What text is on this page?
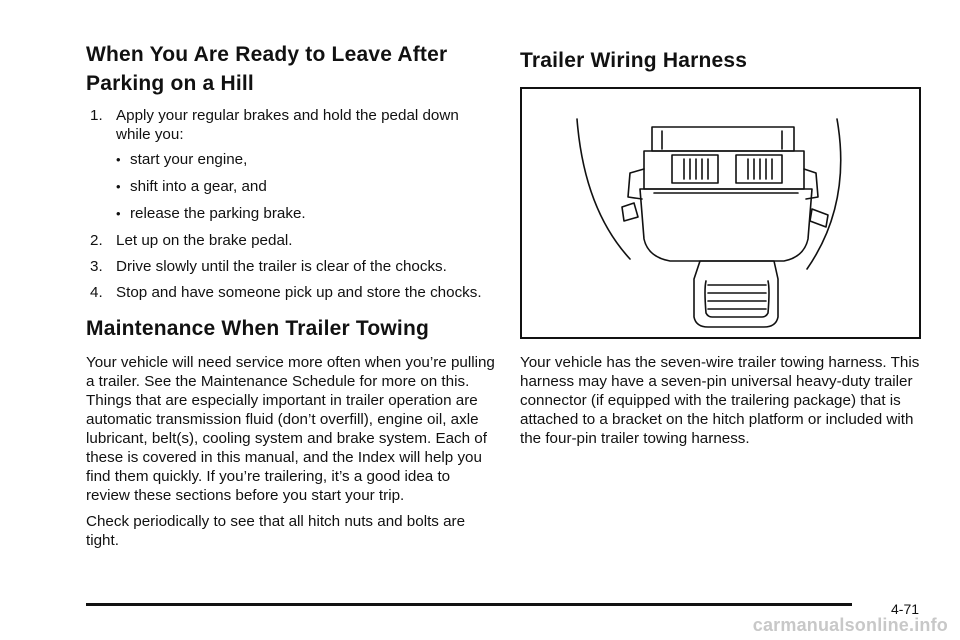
When You Are Ready to Leave After Parking on a Hill
1. Apply your regular brakes and hold the pedal down while you:
• start your engine,
• shift into a gear, and
• release the parking brake.
2. Let up on the brake pedal.
3. Drive slowly until the trailer is clear of the chocks.
4. Stop and have someone pick up and store the chocks.
Maintenance When Trailer Towing

Your vehicle will need service more often when you’re pulling a trailer. See the Maintenance Schedule for more on this. Things that are especially important in trailer operation are automatic transmission fluid (don’t overfill), engine oil, axle lubricant, belt(s), cooling system and brake system. Each of these is covered in this manual, and the Index will help you find them quickly. If you’re trailering, it’s a good idea to review these sections before you start your trip.

Check periodically to see that all hitch nuts and bolts are tight.

Trailer Wiring Harness

Your vehicle has the seven-wire trailer towing harness. This harness may have a seven-pin universal heavy-duty trailer connector (if equipped with the trailering package) that is attached to a bracket on the hitch platform or included with the four-pin trailer towing harness.

4-71
carmanualsonline.info
